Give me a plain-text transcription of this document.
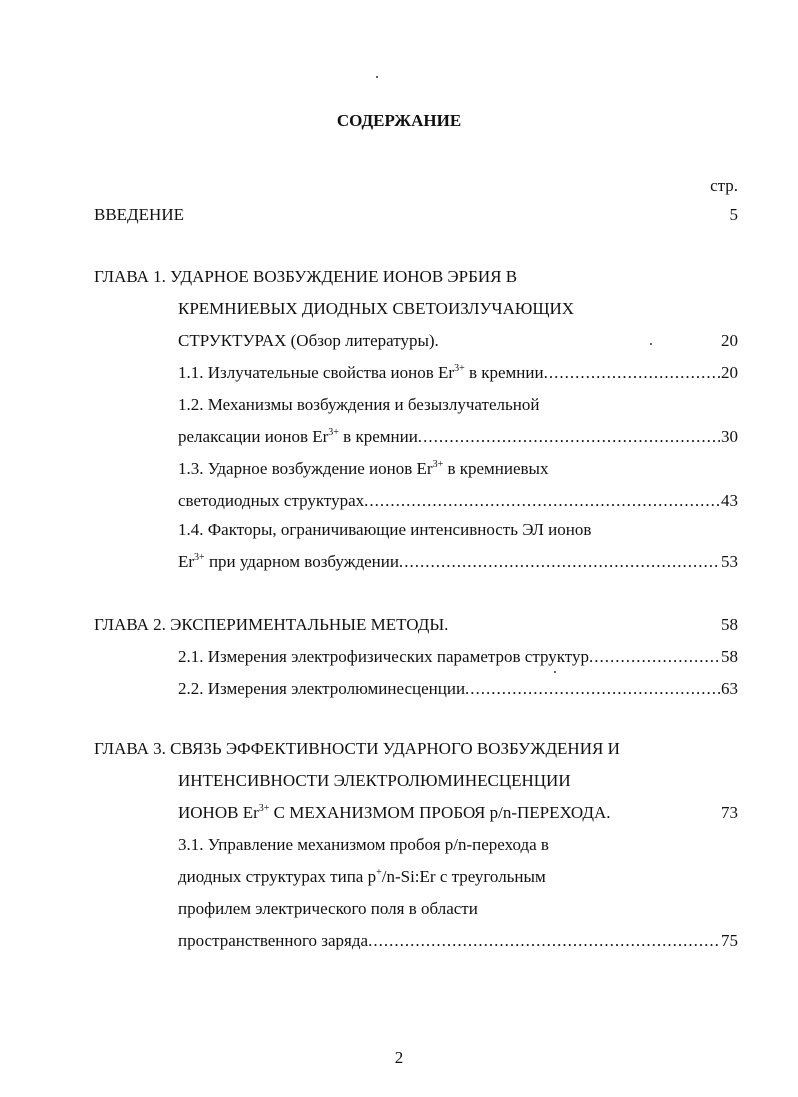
СОДЕРЖАНИЕ
стр.
ВВЕДЕНИЕ	5
ГЛАВА 1. УДАРНОЕ ВОЗБУЖДЕНИЕ ИОНОВ ЭРБИЯ В
КРЕМНИЕВЫХ ДИОДНЫХ СВЕТОИЗЛУЧАЮЩИХ
СТРУКТУРАХ (Обзор литературы).	20
1.1. Излучательные свойства ионов $Er^{3+}$ в кремнии. .....	20
1.2. Механизмы возбуждения и безызлучательной
релаксации ионов $Er^{3+}$ в кремнии. .....	30
1.3. Ударное возбуждение ионов $Er^{3+}$ в кремниевых
светодиодных структурах. .....	43
1.4. Факторы, ограничивающие интенсивность ЭЛ ионов
$Er^{3+}$ при ударном возбуждении. .....	53
ГЛАВА 2. ЭКСПЕРИМЕНТАЛЬНЫЕ МЕТОДЫ.	58
2.1. Измерения электрофизических параметров структур. .....	58
2.2. Измерения электролюминесценции. .....	63
ГЛАВА 3. СВЯЗЬ ЭФФЕКТИВНОСТИ УДАРНОГО ВОЗБУЖДЕНИЯ И
ИНТЕНСИВНОСТИ ЭЛЕКТРОЛЮМИНЕСЦЕНЦИИ
ИОНОВ $Er^{3+}$ С МЕХАНИЗМОМ ПРОБОЯ p/n-ПЕРЕХОДА.	73
3.1. Управление механизмом пробоя p/n-перехода в
диодных структурах типа p+/n-Si:Er с треугольным
профилем электрического поля в области
пространственного заряда. .....	75
2
